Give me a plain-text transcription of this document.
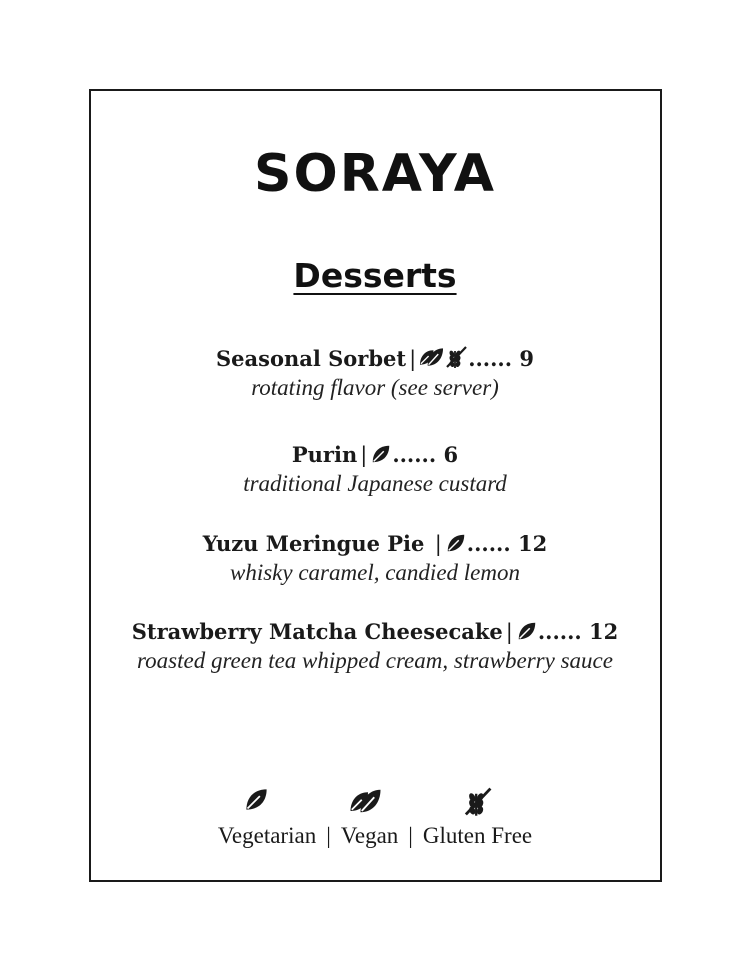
SORAYA
Desserts
Seasonal Sorbet | ...... 9
rotating flavor (see server)
Purin | ...... 6
traditional Japanese custard
Yuzu Meringue Pie | ...... 12
whisky caramel, candied lemon
Strawberry Matcha Cheesecake | ...... 12
roasted green tea whipped cream, strawberry sauce
Vegetarian | Vegan | Gluten Free
